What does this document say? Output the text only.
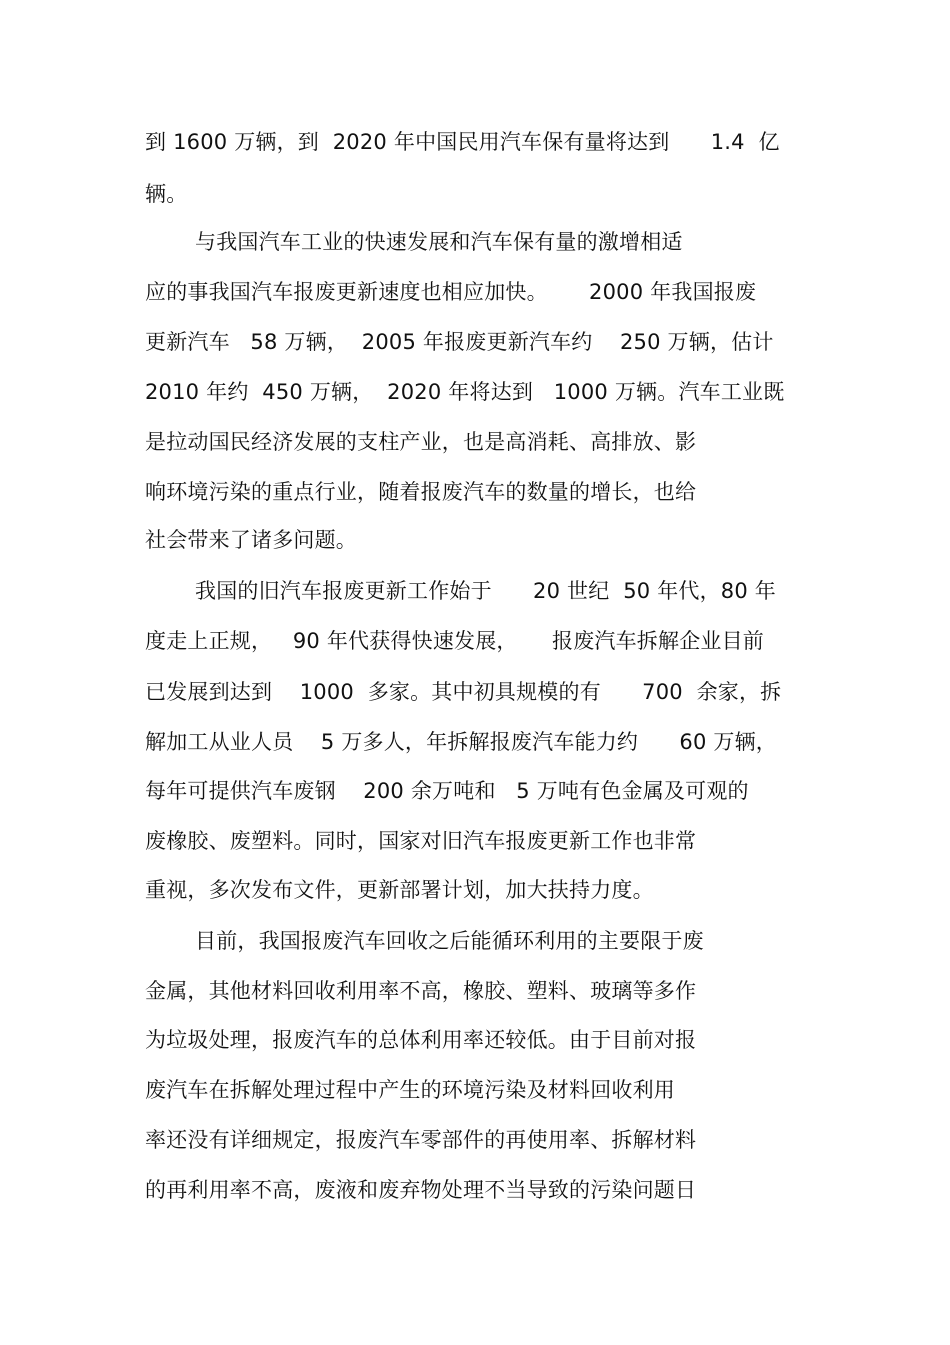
到 1600 万辆，到  2020 年中国民用汽车保有量将达到      1.4  亿
辆。
与我国汽车工业的快速发展和汽车保有量的激增相适
应的事我国汽车报废更新速度也相应加快。      2000 年我国报废
更新汽车   58 万辆，  2005 年报废更新汽车约    250 万辆，估计
2010 年约  450 万辆，  2020 年将达到   1000 万辆。汽车工业既
是拉动国民经济发展的支柱产业，也是高消耗、高排放、影
响环境污染的重点行业，随着报废汽车的数量的增长，也给
社会带来了诸多问题。
我国的旧汽车报废更新工作始于      20 世纪  50 年代，80 年
度走上正规，   90 年代获得快速发展，     报废汽车拆解企业目前
已发展到达到    1000  多家。其中初具规模的有      700  余家，拆
解加工从业人员    5 万多人，年拆解报废汽车能力约      60 万辆，
每年可提供汽车废钢    200 余万吨和   5 万吨有色金属及可观的
废橡胶、废塑料。同时，国家对旧汽车报废更新工作也非常
重视，多次发布文件，更新部署计划，加大扶持力度。
目前，我国报废汽车回收之后能循环利用的主要限于废
金属，其他材料回收利用率不高，橡胶、塑料、玻璃等多作
为垃圾处理，报废汽车的总体利用率还较低。由于目前对报
废汽车在拆解处理过程中产生的环境污染及材料回收利用
率还没有详细规定，报废汽车零部件的再使用率、拆解材料
的再利用率不高，废液和废弃物处理不当导致的污染问题日
